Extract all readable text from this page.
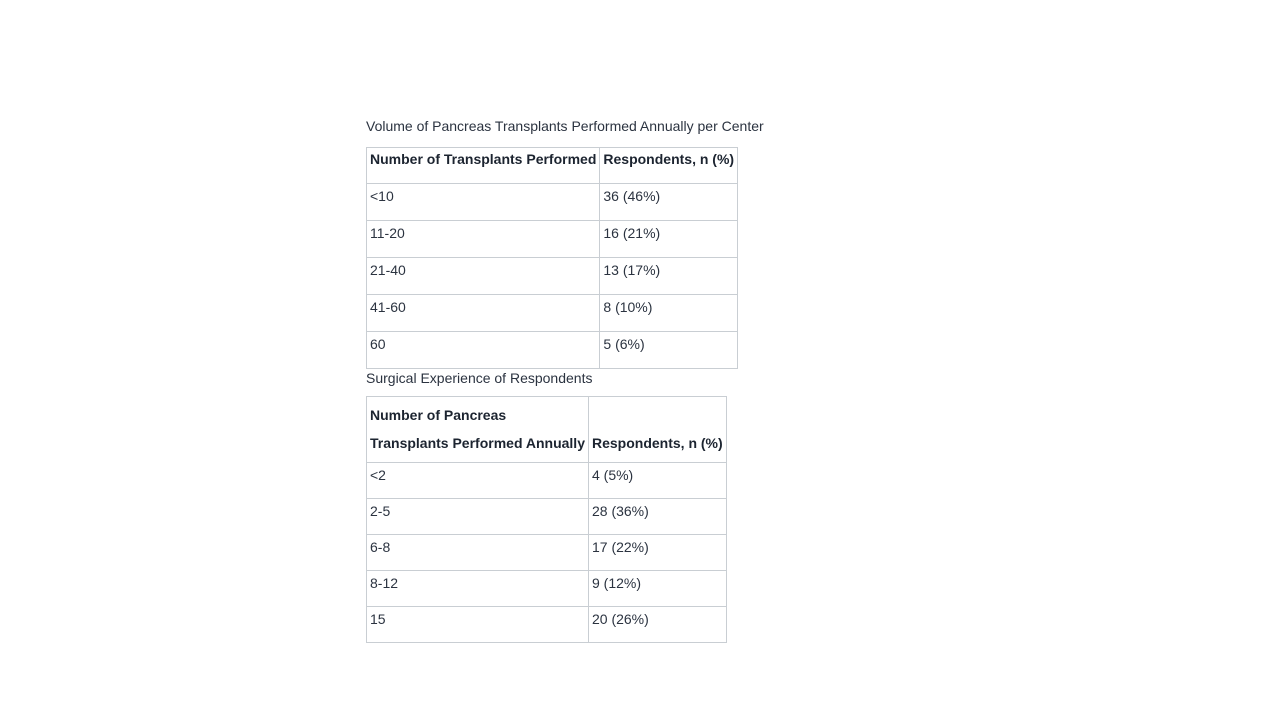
Volume of Pancreas Transplants Performed Annually per Center

Number of Transplants Performed	Respondents, n (%)
<10	36 (46%)
11-20	16 (21%)
21-40	13 (17%)
41-60	8 (10%)
60	5 (6%)

Surgical Experience of Respondents

Number of Pancreas
Transplants Performed Annually	Respondents, n (%)
<2	4 (5%)
2-5	28 (36%)
6-8	17 (22%)
8-12	9 (12%)
15	20 (26%)
